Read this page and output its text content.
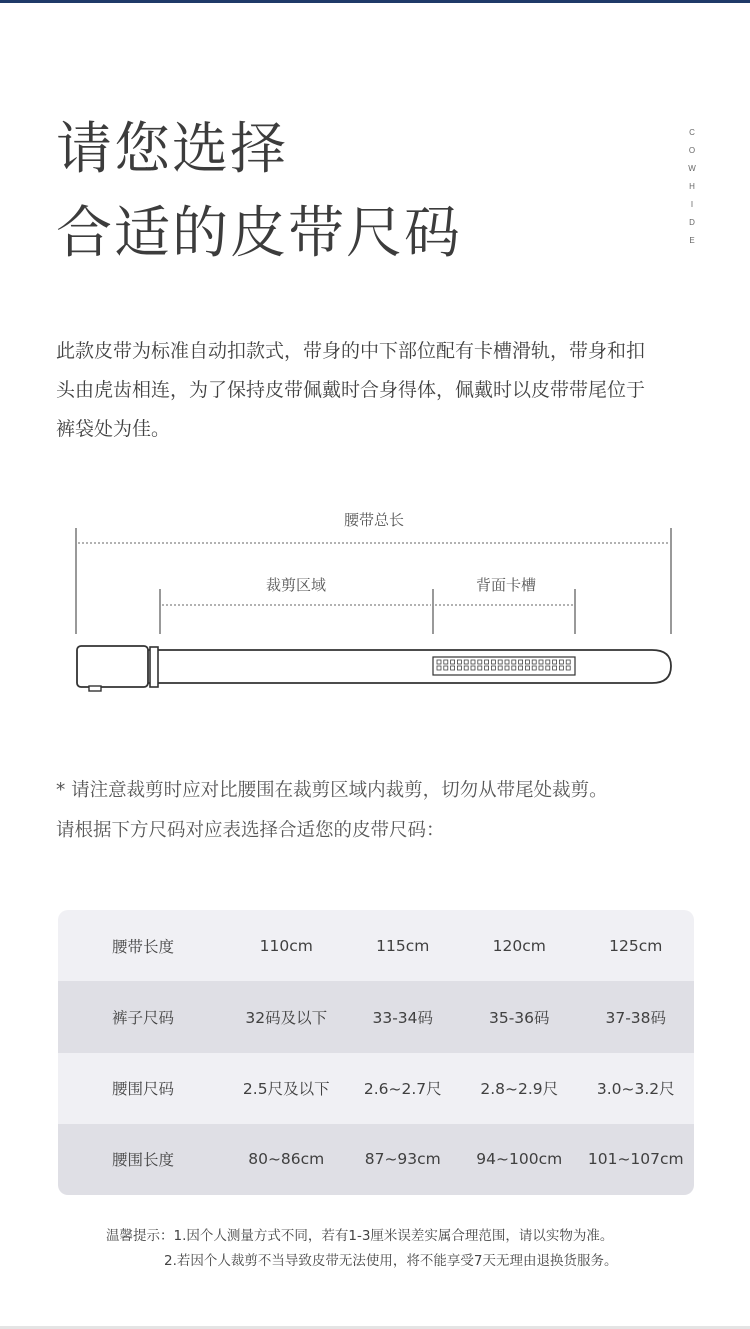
请您选择
合适的皮带尺码
C
O
W
H
I
D
E
此款皮带为标准自动扣款式，带身的中下部位配有卡槽滑轨，带身和扣
头由虎齿相连，为了保持皮带佩戴时合身得体，佩戴时以皮带带尾位于
裤袋处为佳。
腰带总长
裁剪区域	背面卡槽
* 请注意裁剪时应对比腰围在裁剪区域内裁剪，切勿从带尾处裁剪。
请根据下方尺码对应表选择合适您的皮带尺码：
腰带长度	110cm	115cm	120cm	125cm
裤子尺码	32码及以下	33-34码	35-36码	37-38码
腰围尺码	2.5尺及以下	2.6~2.7尺	2.8~2.9尺	3.0~3.2尺
腰围长度	80~86cm	87~93cm	94~100cm	101~107cm
温馨提示：1.因个人测量方式不同，若有1-3厘米误差实属合理范围，请以实物为准。
2.若因个人裁剪不当导致皮带无法使用，将不能享受7天无理由退换货服务。
